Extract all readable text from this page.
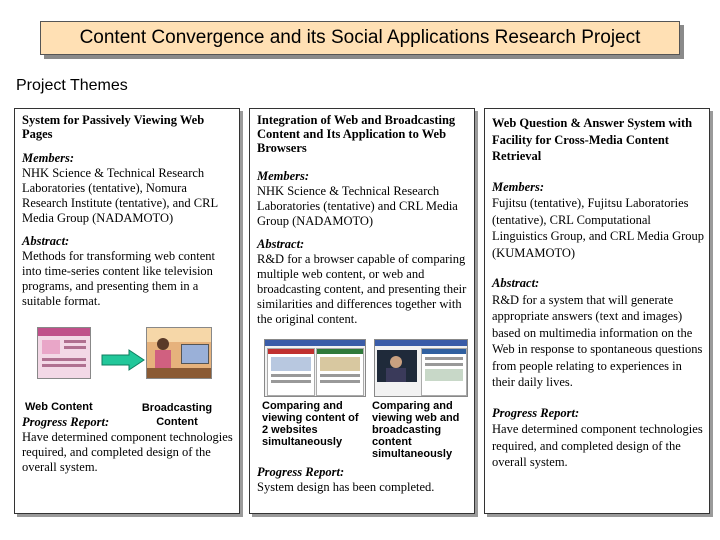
Content Convergence and its Social Applications Research Project
Project Themes

System for Passively Viewing Web Pages

Members:

NHK Science & Technical Research Laboratories (tentative), Nomura Research Institute (tentative), and CRL Media Group (NADAMOTO)

Abstract:

Methods for transforming web content into time-series content like television programs, and presenting them in a suitable format.

Web Content	Broadcasting Content

Progress Report:

Have determined component technologies required, and completed design of the overall system.

Integration of Web and Broadcasting Content and Its Application to Web Browsers

Members:

NHK Science & Technical Research Laboratories (tentative) and CRL Media Group (NADAMOTO)

Abstract:

R&D for a browser capable of comparing multiple web content, or web and broadcasting content, and presenting their similarities and differences together with the original content.

Comparing and viewing content of 2 websites simultaneously
Comparing and viewing web and broadcasting content simultaneously

Progress Report:

System design has been completed.

Web Question & Answer System with Facility for Cross-Media Content Retrieval

Members:

Fujitsu (tentative), Fujitsu Laboratories (tentative), CRL Computational Linguistics Group, and CRL Media Group (KUMAMOTO)

Abstract:

R&D for a system that will generate appropriate answers (text and images) based on multimedia information on the Web in response to spontaneous questions from people relating to experiences in their daily lives.

Progress Report:

Have determined component technologies required, and completed design of the overall system.
